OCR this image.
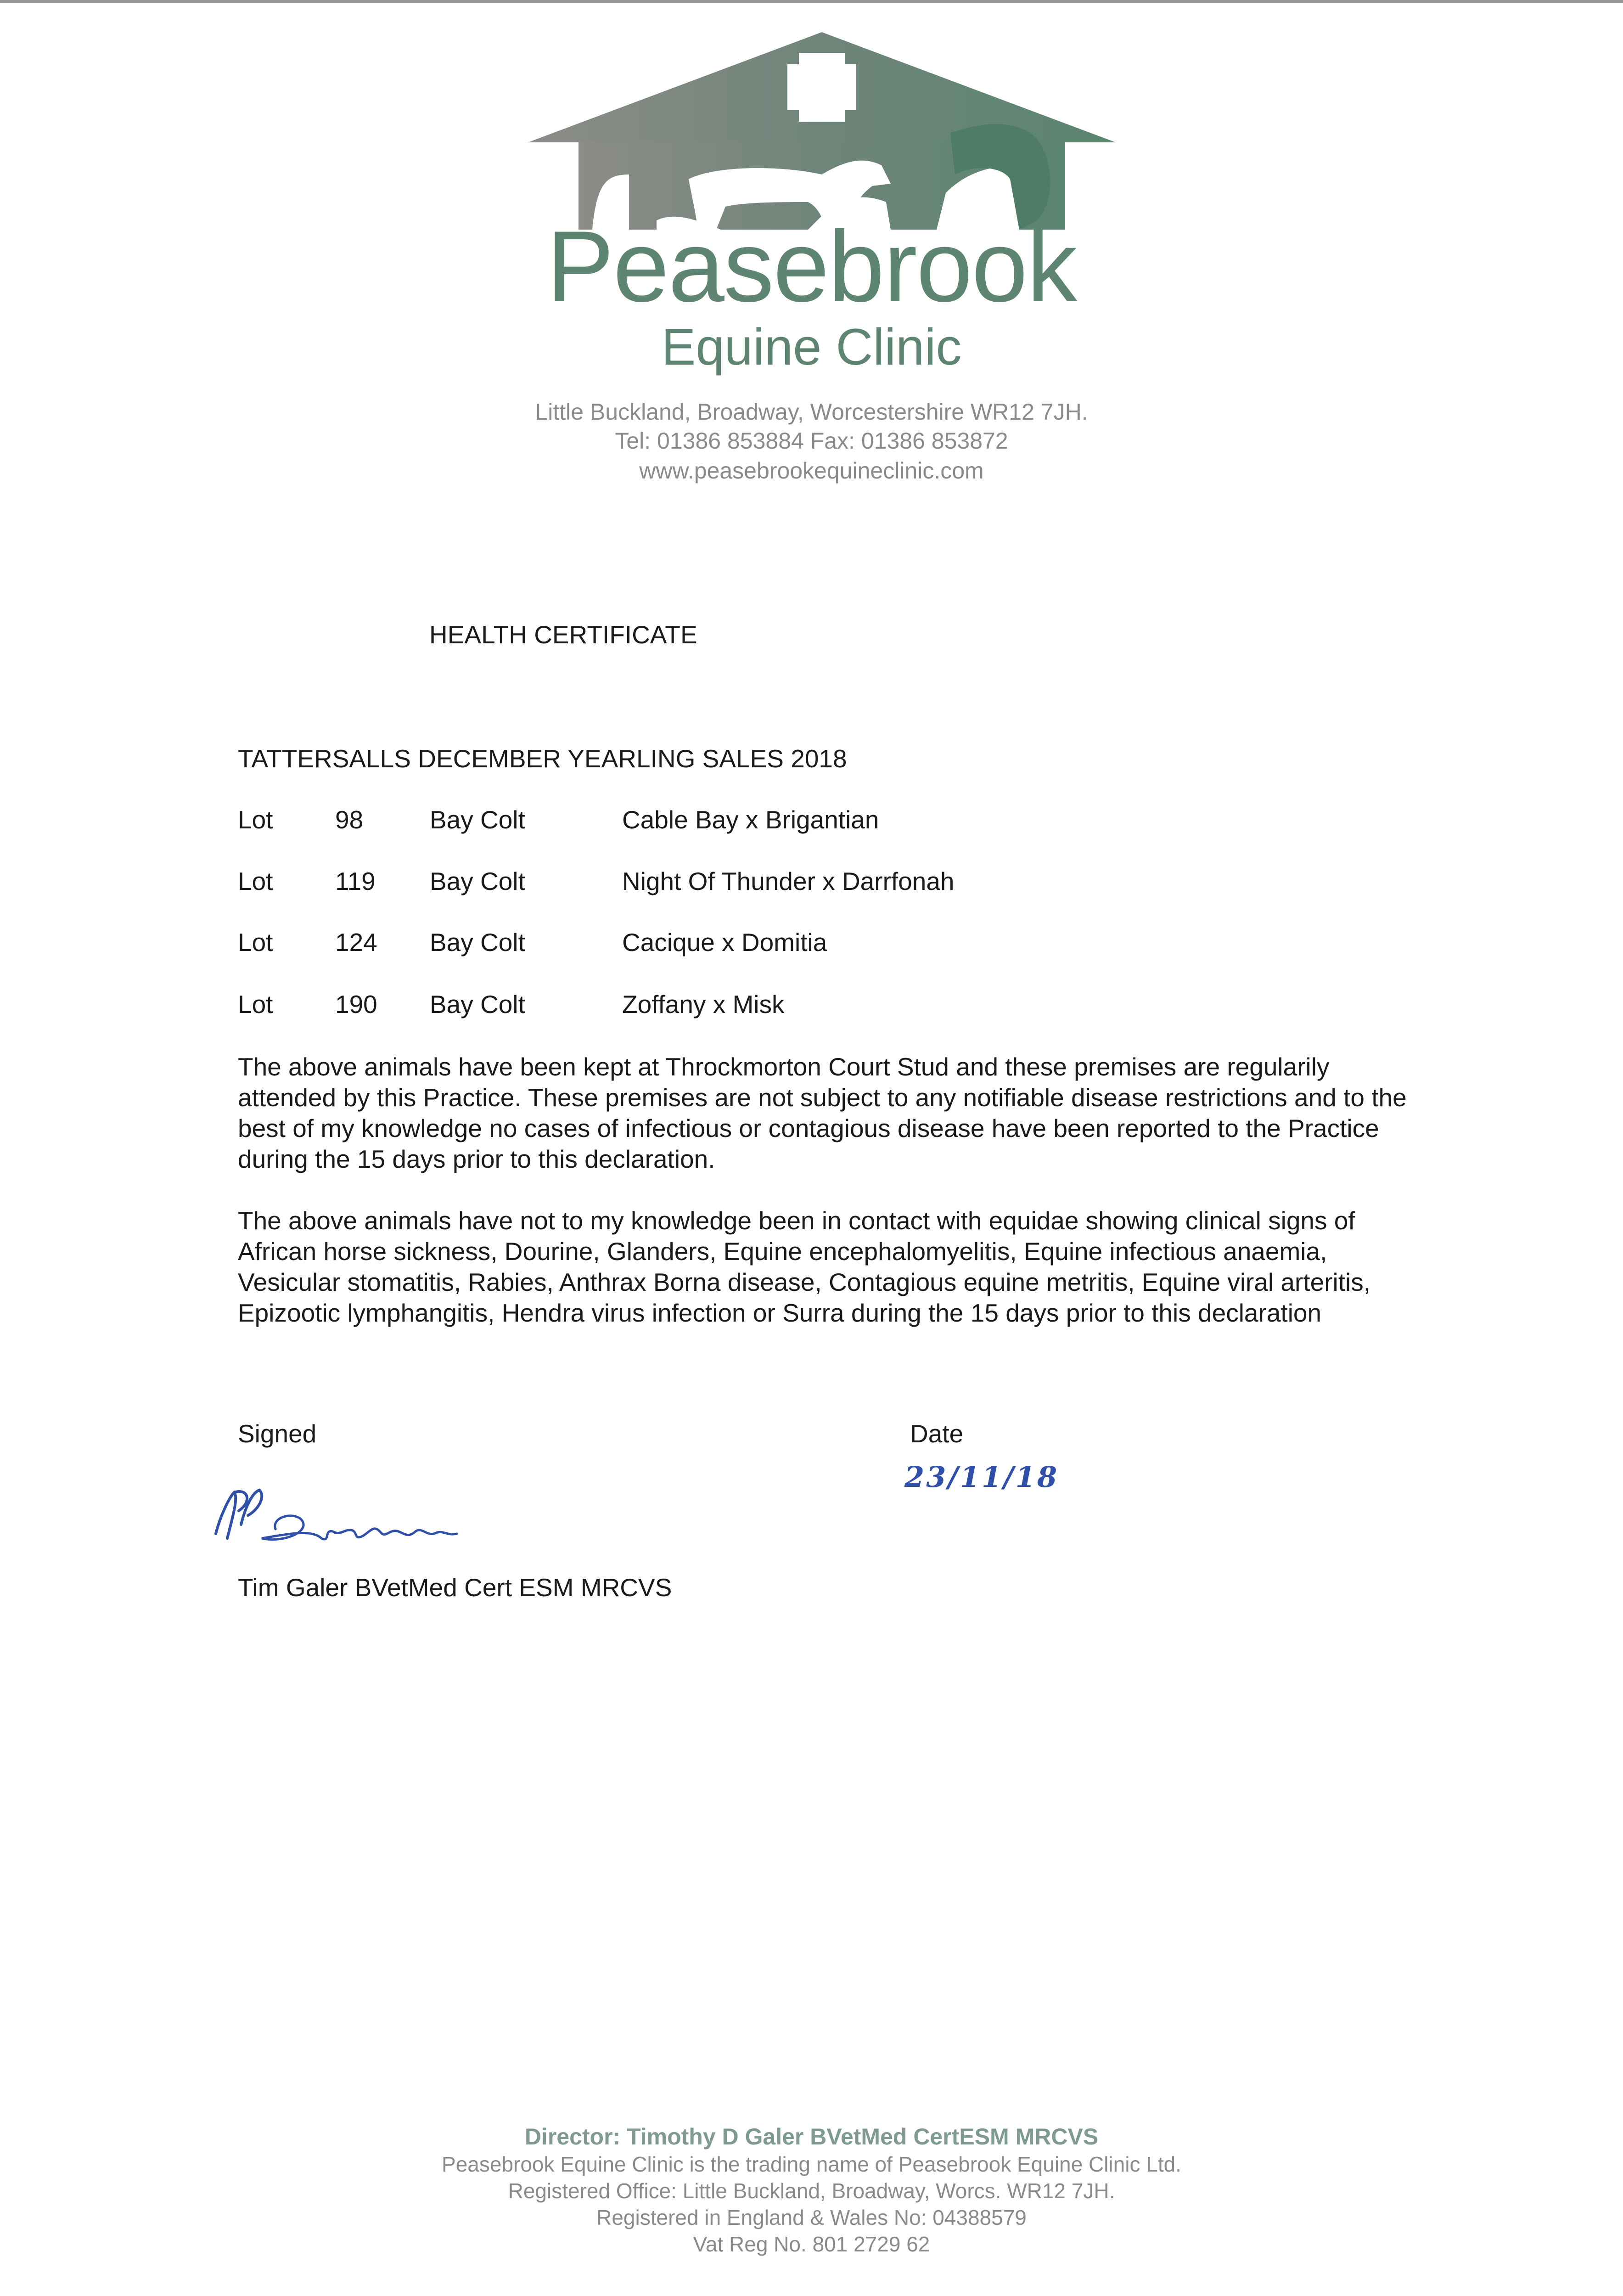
Peasebrook
Equine Clinic
Little Buckland, Broadway, Worcestershire WR12 7JH.
Tel: 01386 853884 Fax: 01386 853872
www.peasebrookequineclinic.com
HEALTH CERTIFICATE
TATTERSALLS DECEMBER YEARLING SALES 2018
Lot 98	Bay Colt	Cable Bay x Brigantian
Lot 119 Bay Colt	Night Of Thunder x Darrfonah
Lot 124 Bay Colt	Cacique x Domitia
Lot 190 Bay Colt	Zoffany x Misk
The above animals have been kept at Throckmorton Court Stud and these premises are regularily attended by this Practice. These premises are not subject to any notifiable disease restrictions and to the best of my knowledge no cases of infectious or contagious disease have been reported to the Practice during the 15 days prior to this declaration.
The above animals have not to my knowledge been in contact with equidae showing clinical signs of African horse sickness, Dourine, Glanders, Equine encephalomyelitis, Equine infectious anaemia, Vesicular stomatitis, Rabies, Anthrax Borna disease, Contagious equine metritis, Equine viral arteritis, Epizootic lymphangitis, Hendra virus infection or Surra during the 15 days prior to this declaration
Signed	Date
23/11/18
Tim Galer BVetMed Cert ESM MRCVS
Director: Timothy D Galer BVetMed CertESM MRCVS
Peasebrook Equine Clinic is the trading name of Peasebrook Equine Clinic Ltd.
Registered Office: Little Buckland, Broadway, Worcs. WR12 7JH.
Registered in England & Wales No: 04388579
Vat Reg No. 801 2729 62
